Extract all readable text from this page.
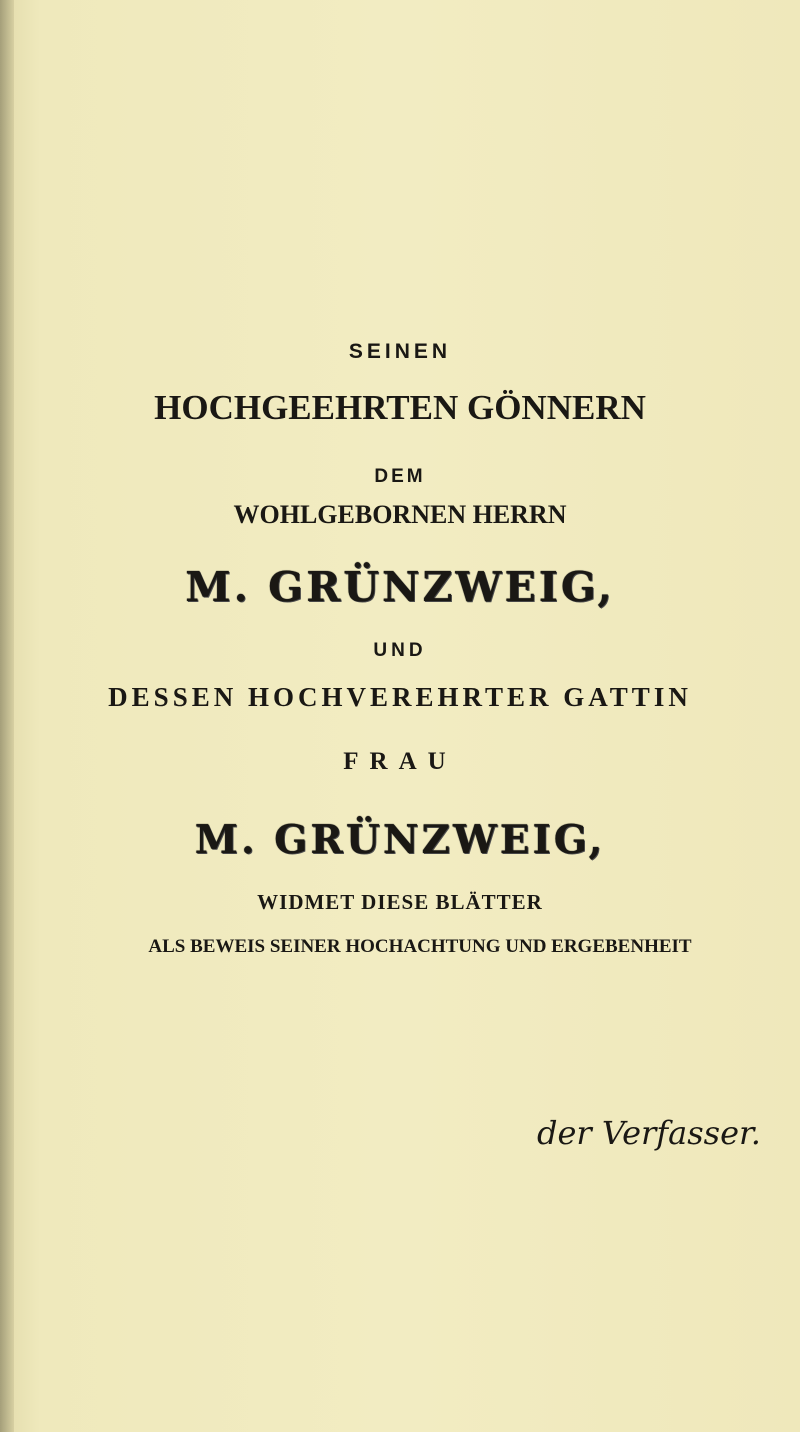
SEINEN
HOCHGEEHRTEN GÖNNERN
DEM
WOHLGEBORNEN HERRN
M. GRÜNZWEIG,
UND
DESSEN HOCHVEREHRTER GATTIN
FRAU
M. GRÜNZWEIG,
WIDMET DIESE BLÄTTER
ALS BEWEIS SEINER HOCHACHTUNG UND ERGEBENHEIT
der Verfasser.
